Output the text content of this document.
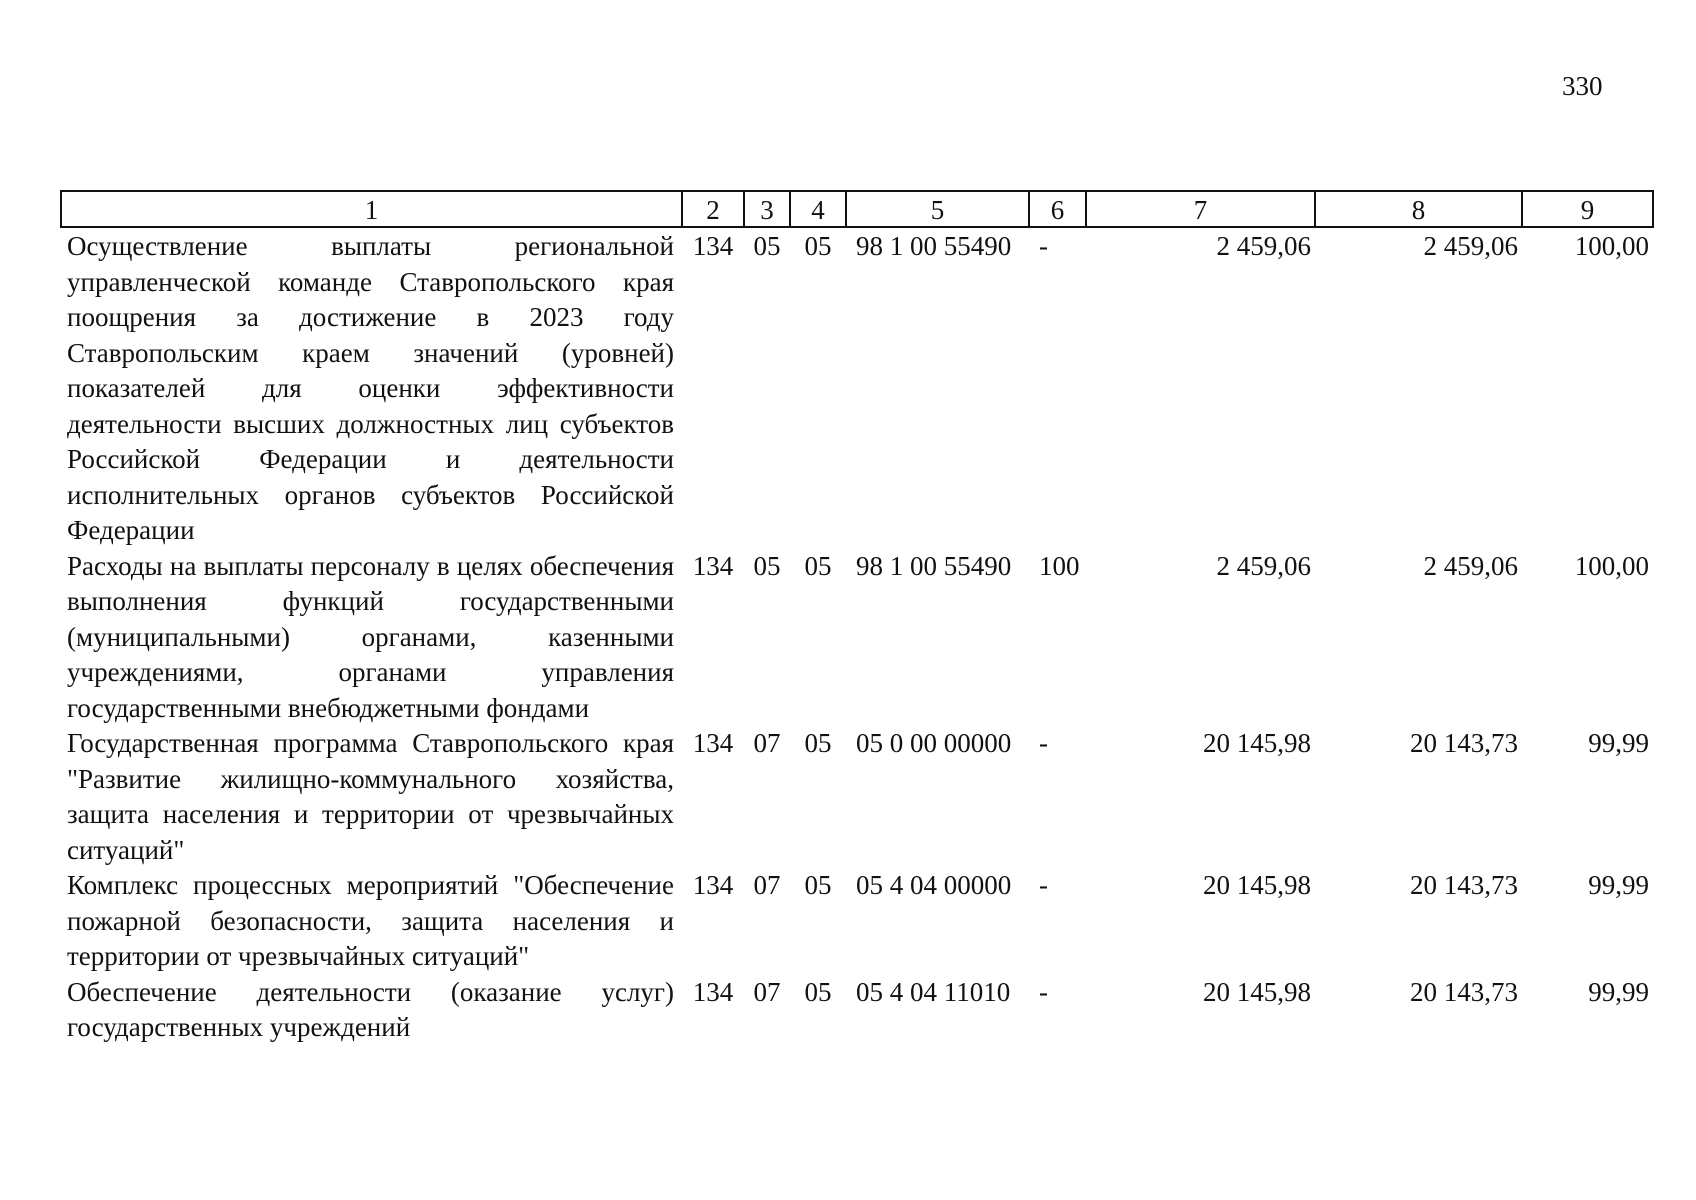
330
1	2	3	4	5	6	7	8	9
Осуществление выплаты региональной управленческой команде Ставропольского края поощрения за достижение в 2023 году Ставропольским краем значений (уровней) показателей для оценки эффективности деятельности высших должностных лиц субъектов Российской Федерации и деятельности исполнительных органов субъектов Российской Федерации	134	05	05	98 1 00 55490	-	2 459,06	2 459,06	100,00
Расходы на выплаты персоналу в целях обеспечения выполнения функций государственными (муниципальными) органами, казенными учреждениями, органами управления государственными внебюджетными фондами	134	05	05	98 1 00 55490	100	2 459,06	2 459,06	100,00
Государственная программа Ставропольского края "Развитие жилищно-коммунального хозяйства, защита населения и территории от чрезвычайных ситуаций"	134	07	05	05 0 00 00000	-	20 145,98	20 143,73	99,99
Комплекс процессных мероприятий "Обеспечение пожарной безопасности, защита населения и территории от чрезвычайных ситуаций"	134	07	05	05 4 04 00000	-	20 145,98	20 143,73	99,99
Обеспечение деятельности (оказание услуг) государственных учреждений	134	07	05	05 4 04 11010	-	20 145,98	20 143,73	99,99
